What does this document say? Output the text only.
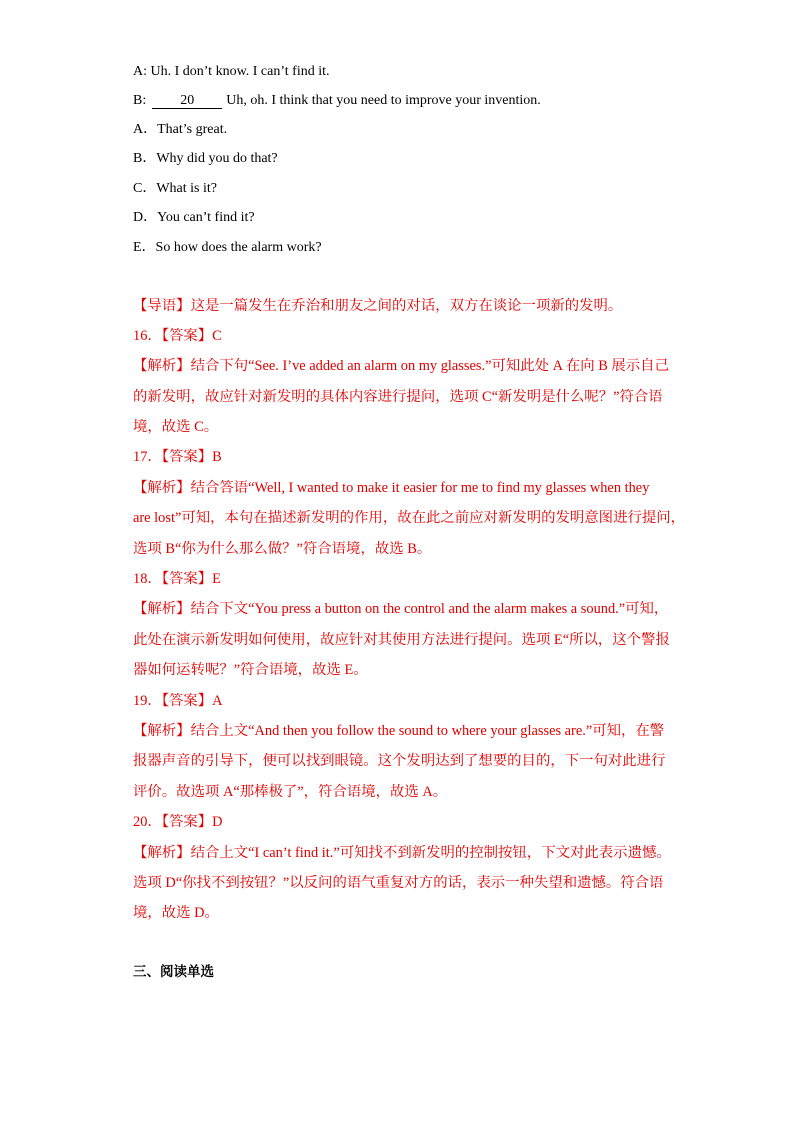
A: Uh. I don’t know. I can’t find it.
B: 20 Uh, oh. I think that you need to improve your invention.
A．That’s great.
B．Why did you do that?
C．What is it?
D．You can’t find it?
E．So how does the alarm work?
【导语】这是一篇发生在乔治和朋友之间的对话，双方在谈论一项新的发明。
16．【答案】C
【解析】结合下句“See. I’ve added an alarm on my glasses.”可知此处 A 在向 B 展示自己
的新发明，故应针对新发明的具体内容进行提问，选项 C“新发明是什么呢？”符合语
境，故选 C。
17．【答案】B
【解析】结合答语“Well, I wanted to make it easier for me to find my glasses when they
are lost”可知，本句在描述新发明的作用，故在此之前应对新发明的发明意图进行提问，
选项 B“你为什么那么做？”符合语境，故选 B。
18．【答案】E
【解析】结合下文“You press a button on the control and the alarm makes a sound.”可知，
此处在演示新发明如何使用，故应针对其使用方法进行提问。选项 E“所以，这个警报
器如何运转呢？”符合语境，故选 E。
19．【答案】A
【解析】结合上文“And then you follow the sound to where your glasses are.”可知，在警
报器声音的引导下，便可以找到眼镜。这个发明达到了想要的目的，下一句对此进行
评价。故选项 A“那棒极了”，符合语境，故选 A。
20．【答案】D
【解析】结合上文“I can’t find it.”可知找不到新发明的控制按钮，下文对此表示遗憾。
选项 D“你找不到按钮？”以反问的语气重复对方的话，表示一种失望和遗憾。符合语
境，故选 D。
三、阅读单选
